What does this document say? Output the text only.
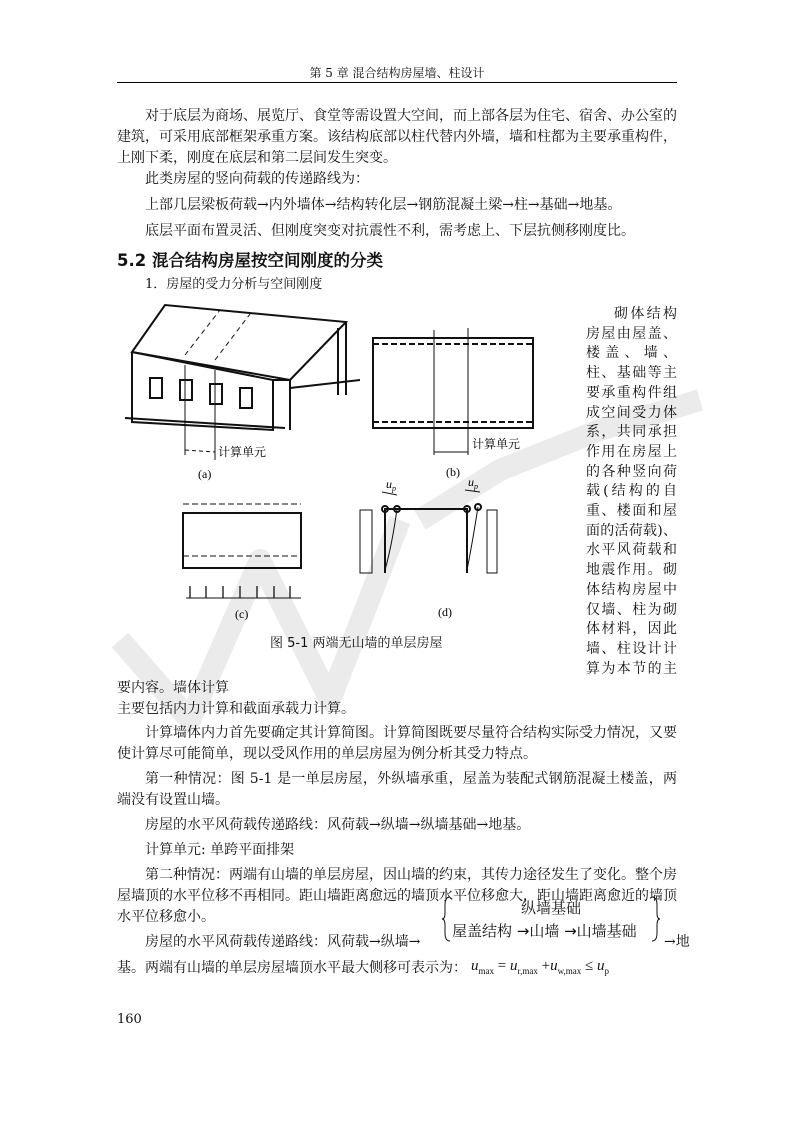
第 5 章 混合结构房屋墙、柱设计
对于底层为商场、展览厅、食堂等需设置大空间，而上部各层为住宅、宿舍、办公室的建筑，可采用底部框架承重方案。该结构底部以柱代替内外墙，墙和柱都为主要承重构件，上刚下柔，刚度在底层和第二层间发生突变。
此类房屋的竖向荷载的传递路线为：
上部几层梁板荷载→内外墙体→结构转化层→钢筋混凝土梁→柱→基础→地基。
底层平面布置灵活、但刚度突变对抗震性不利，需考虑上、下层抗侧移刚度比。
5.2 混合结构房屋按空间刚度的分类
1．房屋的受力分析与空间刚度
计算单元
(a)
计算单元
(b)
(c)
$u_p$	$u_p$
(d)
图 5-1 两端无山墙的单层房屋

砌体结构房屋由屋盖、楼盖、墙、柱、基础等主要承重构件组成空间受力体系，共同承担作用在房屋上的各种竖向荷载(结构的自重、楼面和屋面的活荷载)、水平风荷载和地震作用。砌体结构房屋中仅墙、柱为砌体材料，因此墙、柱设计计算为本节的主要内容。墙体计算

主要包括内力计算和截面承载力计算。

计算墙体内力首先要确定其计算简图。计算简图既要尽量符合结构实际受力情况，又要使计算尽可能简单，现以受风作用的单层房屋为例分析其受力特点。

第一种情况：图 5-1 是一单层房屋，外纵墙承重，屋盖为装配式钢筋混凝土楼盖，两端没有设置山墙。

房屋的水平风荷载传递路线：风荷载→纵墙→纵墙基础→地基。

计算单元: 单跨平面排架

第二种情况：两端有山墙的单层房屋，因山墙的约束，其传力途径发生了变化。整个房屋墙顶的水平位移不再相同。距山墙距离愈远的墙顶水平位移愈大，距山墙距离愈近的墙顶水平位移愈小。

房屋的水平风荷载传递路线：风荷载→纵墙→
纵墙基础
屋盖结构 →山墙 →山墙基础
→地
基。两端有山墙的单层房屋墙顶水平最大侧移可表示为： $u_{max} = u_{r,max} +u_{w,max} \le u_p$
160
